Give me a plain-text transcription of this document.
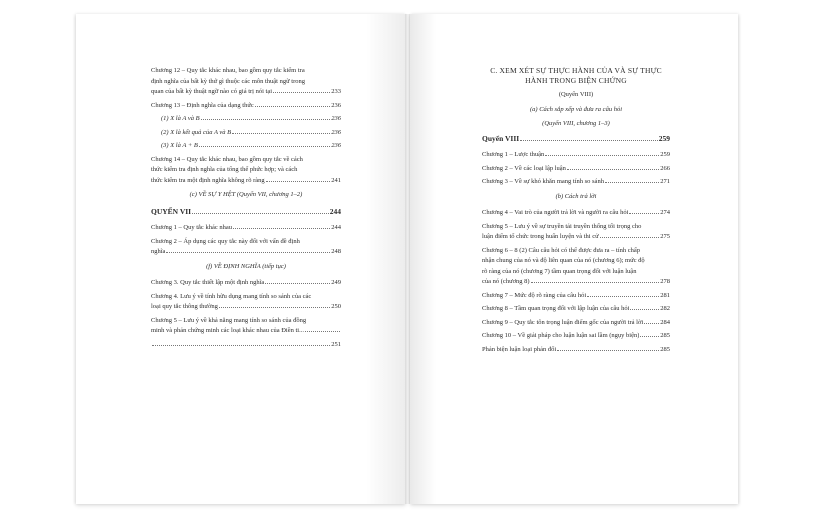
Chương 12 – Quy tắc khác nhau, bao gồm quy tắc kiểm tra
định nghĩa của bất kỳ thứ gì thuộc các môn thuật ngữ trong
quan của bất kỳ thuật ngữ nào có giá trị nói tại	233
Chương 13 – Định nghĩa của dạng thức	236
(1) X là A và B	236
(2) X là kết quả của A và B	236
(3) X là A + B	236
Chương 14 – Quy tắc khác nhau, bao gồm quy tắc về cách
thức kiểm tra định nghĩa của tổng thể phức hợp; và cách
thức kiểm tra một định nghĩa không rõ ràng	241
(c) VỀ SỰ Y HỆT (Quyển VII, chương 1–2)
QUYỂN VII	244
Chương 1 – Quy tắc khác nhau	244
Chương 2 – Áp dụng các quy tắc này đối với vấn đề định
nghĩa	248
(f) VỀ ĐỊNH NGHĨA (tiếp tục)
Chương 3. Quy tắc thiết lập một định nghĩa	249
Chương 4. Lưu ý về tính hữu dụng mang tính so sánh của các
loại quy tắc thông thường	250
Chương 5 – Lưu ý về khả năng mang tính so sánh của đồng
minh và phản chứng minh các loại khác nhau của Điền ti...
251
C. XEM XÉT SỰ THỰC HÀNH CỦA VÀ SỰ THỰC
HÀNH TRONG BIỆN CHỨNG
(Quyển VIII)
(a) Cách sắp xếp và đưa ra câu hỏi
(Quyển VIII, chương 1–3)
Quyển VIII	259
Chương 1 – Lược thuận	259
Chương 2 – Về các loại lập luận	266
Chương 3 – Về sự khó khăn mang tính so sánh	271
(b) Cách trả lời
Chương 4 – Vai trò của người trả lời và người ra câu hỏi	274
Chương 5 – Lưu ý về sự truyền tải truyền thống tối trọng cho
luận điểm tổ chức trong huấn luyện và thi cử	275
Chương 6 – 8 (2) Câu câu hỏi có thể được đưa ra – tính chấp
nhận chung của nó và độ liên quan của nó (chương 6); mức độ
rõ ràng của nó (chương 7) tầm quan trọng đối với luận luận
của nó (chương 8)	278
Chương 7 – Mức độ rõ ràng của câu hỏi	281
Chương 8 – Tầm quan trọng đối với lập luận của câu hỏi	282
Chương 9 – Quy tắc tôn trọng luận điểm gốc của người trả lời	284
Chương 10 – Về giải pháp cho luận luận sai lầm (ngụy biện)	285
Phản biện luận loại phản đối	285
